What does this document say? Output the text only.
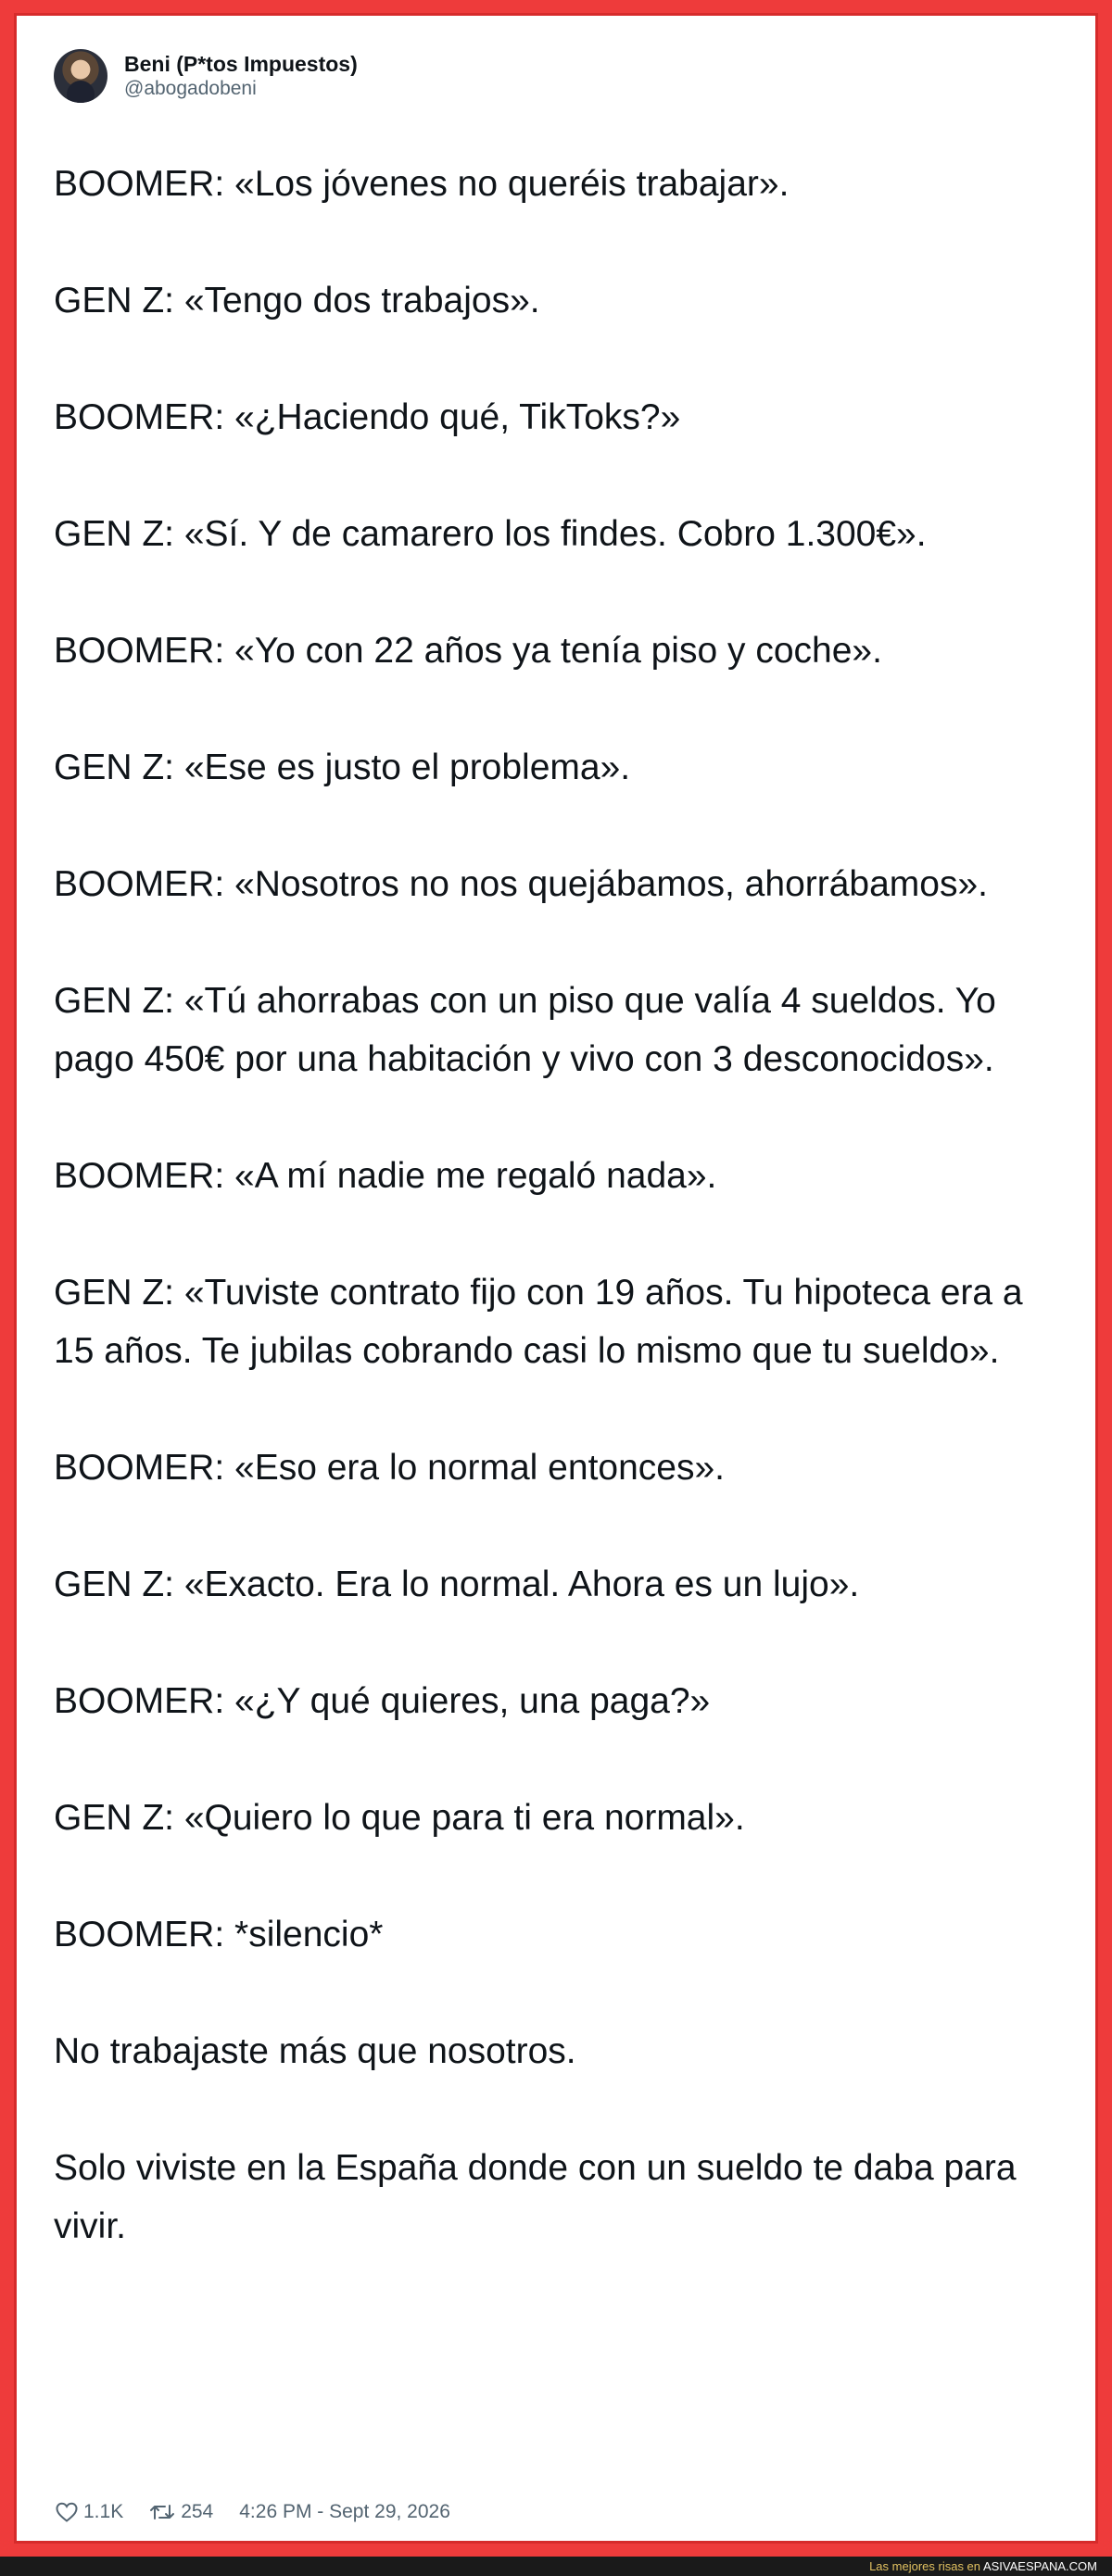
Beni (P*tos Impuestos)
@abogadobeni

BOOMER: «Los jóvenes no queréis trabajar».

GEN Z: «Tengo dos trabajos».

BOOMER: «¿Haciendo qué, TikToks?»

GEN Z: «Sí. Y de camarero los findes. Cobro 1.300€».

BOOMER: «Yo con 22 años ya tenía piso y coche».

GEN Z: «Ese es justo el problema».

BOOMER: «Nosotros no nos quejábamos, ahorrábamos».

GEN Z: «Tú ahorrabas con un piso que valía 4 sueldos. Yo pago 450€ por una habitación y vivo con 3 desconocidos».

BOOMER: «A mí nadie me regaló nada».

GEN Z: «Tuviste contrato fijo con 19 años. Tu hipoteca era a 15 años. Te jubilas cobrando casi lo mismo que tu sueldo».

BOOMER: «Eso era lo normal entonces».

GEN Z: «Exacto. Era lo normal. Ahora es un lujo».

BOOMER: «¿Y qué quieres, una paga?»

GEN Z: «Quiero lo que para ti era normal».

BOOMER: *silencio*

No trabajaste más que nosotros.

Solo viviste en la España donde con un sueldo te daba para vivir.

1.1K	254 4:26 PM - Sept 29, 2026
Las mejores risas en ASIVAESPANA.COM
